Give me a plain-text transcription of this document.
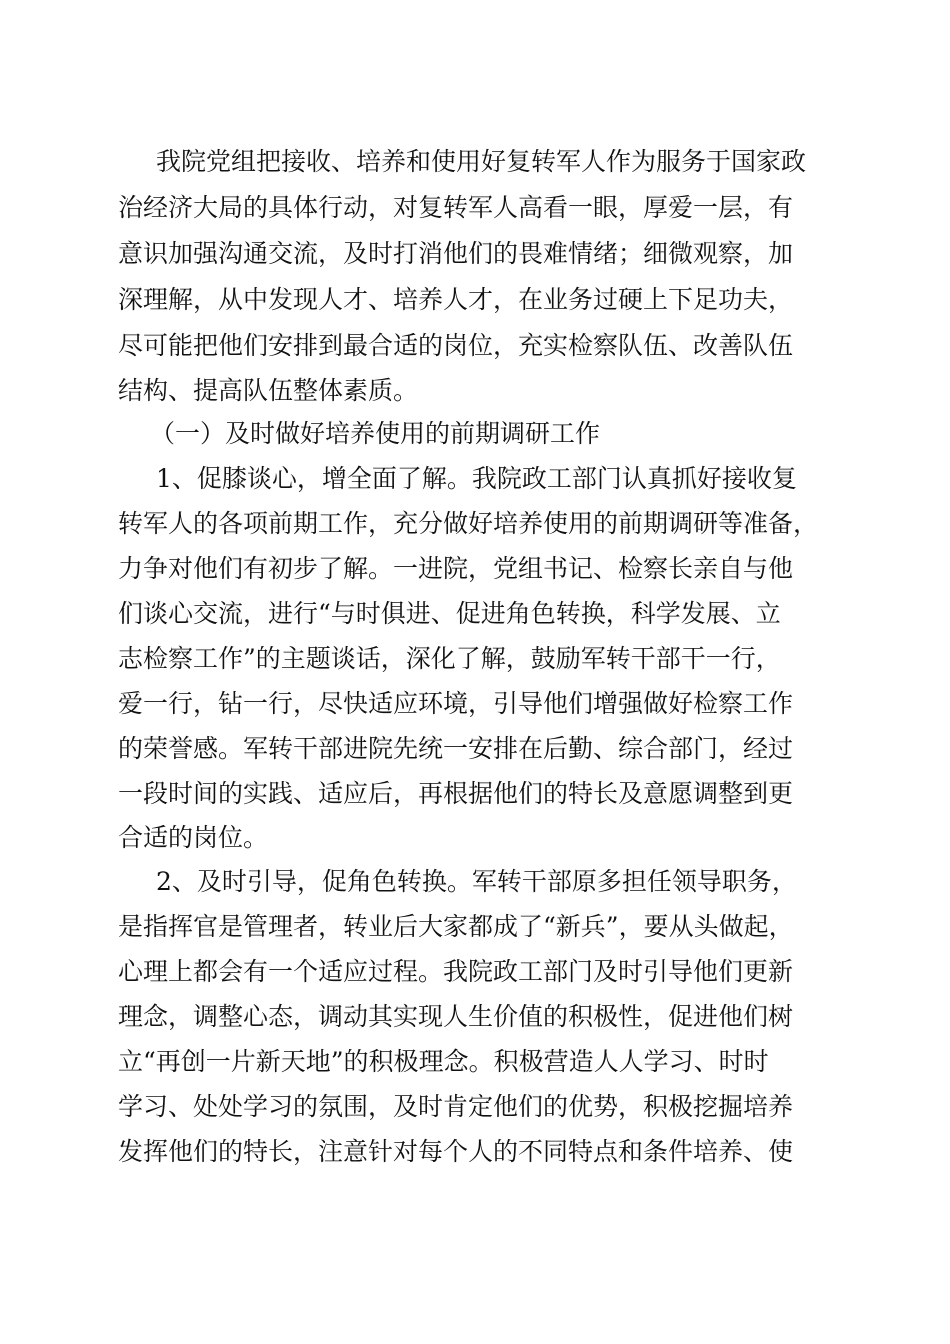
我院党组把接收、培养和使用好复转军人作为服务于国家政
治经济大局的具体行动，对复转军人高看一眼，厚爱一层，有
意识加强沟通交流，及时打消他们的畏难情绪；细微观察，加
深理解，从中发现人才、培养人才，在业务过硬上下足功夫，
尽可能把他们安排到最合适的岗位，充实检察队伍、改善队伍
结构、提高队伍整体素质。
（一）及时做好培养使用的前期调研工作
1、促膝谈心，增全面了解。我院政工部门认真抓好接收复
转军人的各项前期工作，充分做好培养使用的前期调研等准备，
力争对他们有初步了解。一进院，党组书记、检察长亲自与他
们谈心交流，进行“与时俱进、促进角色转换，科学发展、立
志检察工作”的主题谈话，深化了解，鼓励军转干部干一行，
爱一行，钻一行，尽快适应环境，引导他们增强做好检察工作
的荣誉感。军转干部进院先统一安排在后勤、综合部门，经过
一段时间的实践、适应后，再根据他们的特长及意愿调整到更
合适的岗位。
2、及时引导，促角色转换。军转干部原多担任领导职务，
是指挥官是管理者，转业后大家都成了“新兵”，要从头做起，
心理上都会有一个适应过程。我院政工部门及时引导他们更新
理念，调整心态，调动其实现人生价值的积极性，促进他们树
立“再创一片新天地”的积极理念。积极营造人人学习、时时
学习、处处学习的氛围，及时肯定他们的优势，积极挖掘培养
发挥他们的特长，注意针对每个人的不同特点和条件培养、使
